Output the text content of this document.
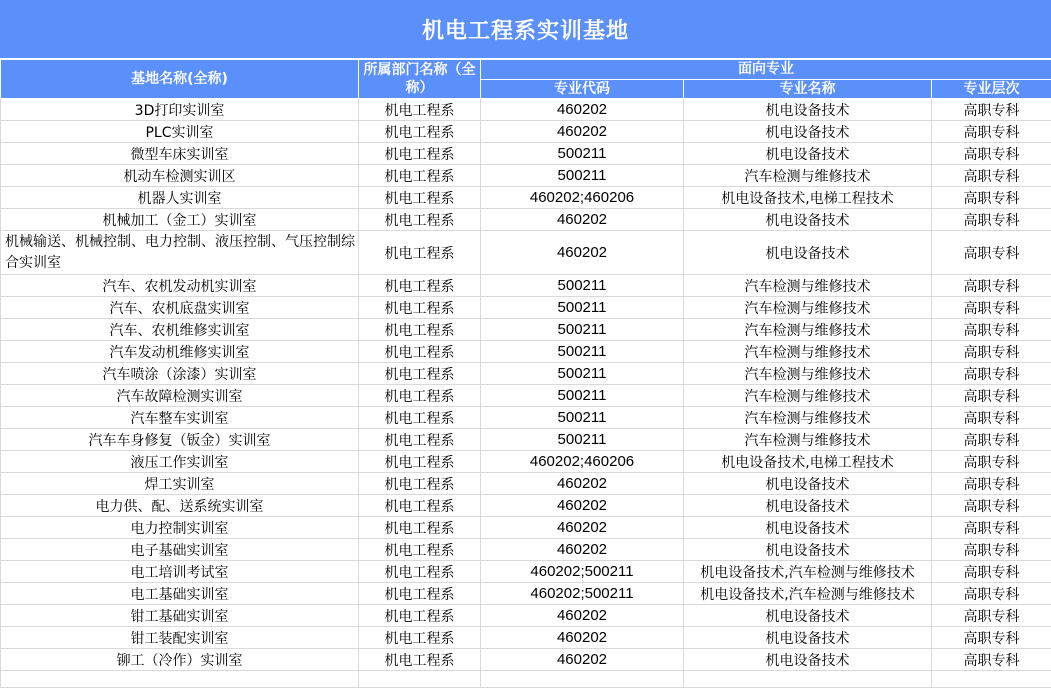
机电工程系实训基地
基地名称(全称)	所属部门名称（全称）	面向专业		
		专业代码	专业名称	专业层次
3D打印实训室	机电工程系	460202	机电设备技术	高职专科
PLC实训室	机电工程系	460202	机电设备技术	高职专科
微型车床实训室	机电工程系	500211	机电设备技术	高职专科
机动车检测实训区	机电工程系	500211	汽车检测与维修技术	高职专科
机器人实训室	机电工程系	460202;460206	机电设备技术,电梯工程技术	高职专科
机械加工（金工）实训室	机电工程系	460202	机电设备技术	高职专科
机械输送、机械控制、电力控制、液压控制、气压控制综合实训室	机电工程系	460202	机电设备技术	高职专科
汽车、农机发动机实训室	机电工程系	500211	汽车检测与维修技术	高职专科
汽车、农机底盘实训室	机电工程系	500211	汽车检测与维修技术	高职专科
汽车、农机维修实训室	机电工程系	500211	汽车检测与维修技术	高职专科
汽车发动机维修实训室	机电工程系	500211	汽车检测与维修技术	高职专科
汽车喷涂（涂漆）实训室	机电工程系	500211	汽车检测与维修技术	高职专科
汽车故障检测实训室	机电工程系	500211	汽车检测与维修技术	高职专科
汽车整车实训室	机电工程系	500211	汽车检测与维修技术	高职专科
汽车车身修复（钣金）实训室	机电工程系	500211	汽车检测与维修技术	高职专科
液压工作实训室	机电工程系	460202;460206	机电设备技术,电梯工程技术	高职专科
焊工实训室	机电工程系	460202	机电设备技术	高职专科
电力供、配、送系统实训室	机电工程系	460202	机电设备技术	高职专科
电力控制实训室	机电工程系	460202	机电设备技术	高职专科
电子基础实训室	机电工程系	460202	机电设备技术	高职专科
电工培训考试室	机电工程系	460202;500211	机电设备技术,汽车检测与维修技术	高职专科
电工基础实训室	机电工程系	460202;500211	机电设备技术,汽车检测与维修技术	高职专科
钳工基础实训室	机电工程系	460202	机电设备技术	高职专科
钳工装配实训室	机电工程系	460202	机电设备技术	高职专科
铆工（冷作）实训室	机电工程系	460202	机电设备技术	高职专科
